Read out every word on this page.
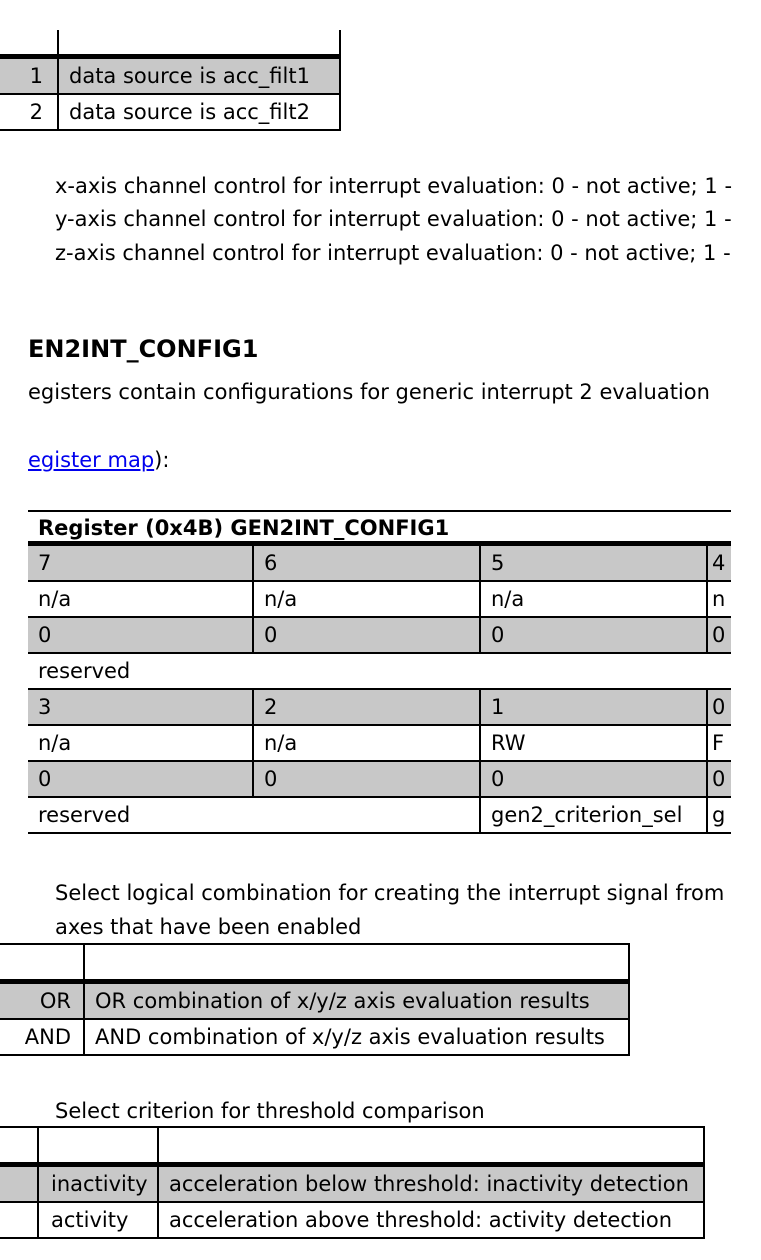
1	data source is acc_filt1
2	data source is acc_filt2
x-axis channel control for interrupt evaluation: 0 - not active; 1 -
y-axis channel control for interrupt evaluation: 0 - not active; 1 -
z-axis channel control for interrupt evaluation: 0 - not active; 1 -
EN2INT_CONFIG1
egisters contain configurations for generic interrupt 2 evaluation
egister map):
Register (0x4B) GEN2INT_CONFIG1
7	6	5	4
n/a	n/a	n/a	n
0	0	0	0
reserved			
3	2	1	0
n/a	n/a	RW	F
0	0	0	0
reserved		gen2_criterion_sel	g
Select logical combination for creating the interrupt signal from
axes that have been enabled

OR	OR combination of x/y/z axis evaluation results
AND	AND combination of x/y/z axis evaluation results
Select criterion for threshold comparison

	inactivity	acceleration below threshold: inactivity detection
	activity	acceleration above threshold: activity detection
